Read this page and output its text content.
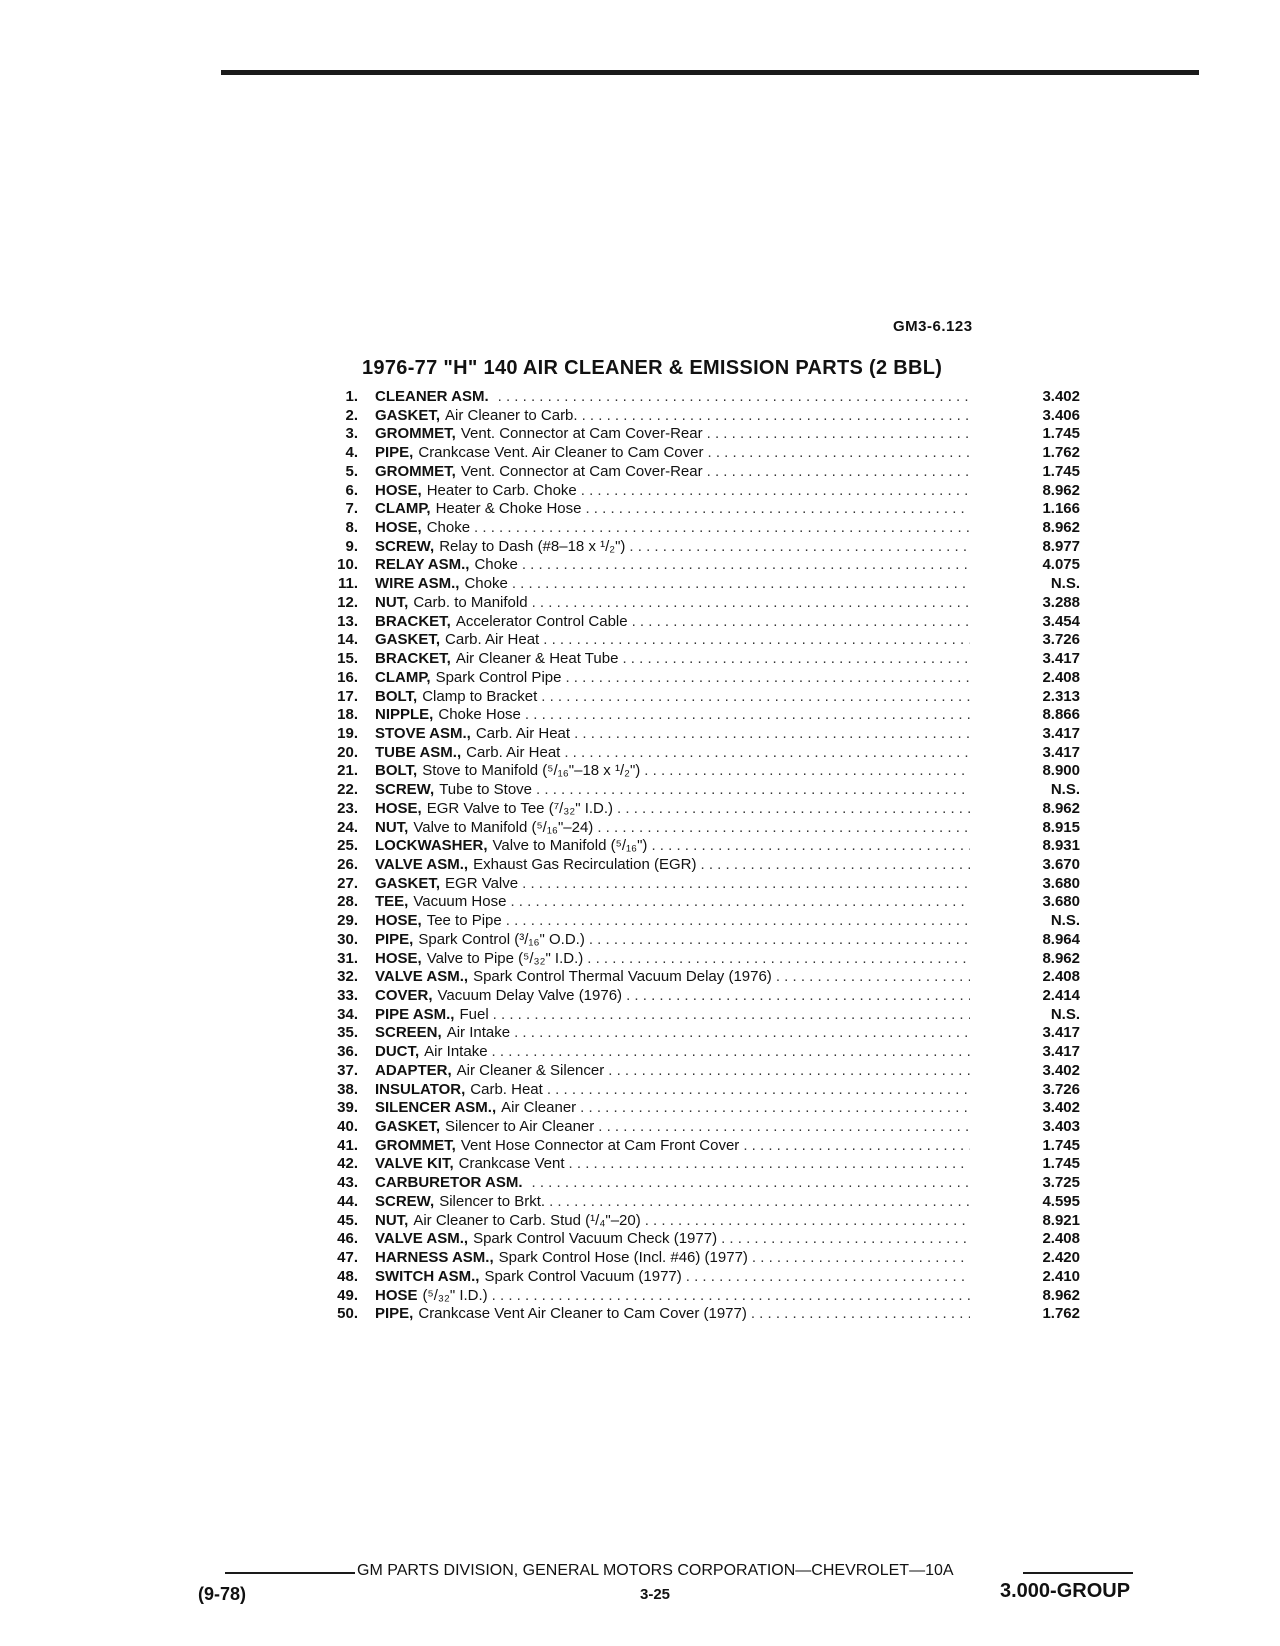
GM3-6.123
1976-77 "H" 140 AIR CLEANER & EMISSION PARTS (2 BBL)
1. CLEANER ASM. . . .	3.402
2. GASKET, Air Cleaner to Carb. . . .	3.406
3. GROMMET, Vent. Connector at Cam Cover-Rear . . .	1.745
4. PIPE, Crankcase Vent. Air Cleaner to Cam Cover . . .	1.762
5. GROMMET, Vent. Connector at Cam Cover-Rear . . .	1.745
6. HOSE, Heater to Carb. Choke . . .	8.962
7. CLAMP, Heater & Choke Hose . . .	1.166
8. HOSE, Choke . . .	8.962
9. SCREW, Relay to Dash (#8–18 x ¹/₂") . . .	8.977
10. RELAY ASM., Choke . . .	4.075
11. WIRE ASM., Choke . . .	N.S.
12. NUT, Carb. to Manifold . . .	3.288
13. BRACKET, Accelerator Control Cable . . .	3.454
14. GASKET, Carb. Air Heat . . .	3.726
15. BRACKET, Air Cleaner & Heat Tube . . .	3.417
16. CLAMP, Spark Control Pipe . . .	2.408
17. BOLT, Clamp to Bracket . . .	2.313
18. NIPPLE, Choke Hose . . .	8.866
19. STOVE ASM., Carb. Air Heat . . .	3.417
20. TUBE ASM., Carb. Air Heat . . .	3.417
21. BOLT, Stove to Manifold (⁵/₁₆"–18 x ¹/₂") . . .	8.900
22. SCREW, Tube to Stove . . .	N.S.
23. HOSE, EGR Valve to Tee (⁷/₃₂" I.D.) . . .	8.962
24. NUT, Valve to Manifold (⁵/₁₆"–24) . . .	8.915
25. LOCKWASHER, Valve to Manifold (⁵/₁₆") . . .	8.931
26. VALVE ASM., Exhaust Gas Recirculation (EGR) . . .	3.670
27. GASKET, EGR Valve . . .	3.680
28. TEE, Vacuum Hose . . .	3.680
29. HOSE, Tee to Pipe . . .	N.S.
30. PIPE, Spark Control (³/₁₆" O.D.) . . .	8.964
31. HOSE, Valve to Pipe (⁵/₃₂" I.D.) . . .	8.962
32. VALVE ASM., Spark Control Thermal Vacuum Delay (1976) . . .	2.408
33. COVER, Vacuum Delay Valve (1976) . . .	2.414
34. PIPE ASM., Fuel . . .	N.S.
35. SCREEN, Air Intake . . .	3.417
36. DUCT, Air Intake . . .	3.417
37. ADAPTER, Air Cleaner & Silencer . . .	3.402
38. INSULATOR, Carb. Heat . . .	3.726
39. SILENCER ASM., Air Cleaner . . .	3.402
40. GASKET, Silencer to Air Cleaner . . .	3.403
41. GROMMET, Vent Hose Connector at Cam Front Cover . . .	1.745
42. VALVE KIT, Crankcase Vent . . .	1.745
43. CARBURETOR ASM. . . .	3.725
44. SCREW, Silencer to Brkt. . . .	4.595
45. NUT, Air Cleaner to Carb. Stud (¹/₄"–20) . . .	8.921
46. VALVE ASM., Spark Control Vacuum Check (1977) . . .	2.408
47. HARNESS ASM., Spark Control Hose (Incl. #46) (1977) . . .	2.420
48. SWITCH ASM., Spark Control Vacuum (1977) . . .	2.410
49. HOSE (⁵/₃₂" I.D.) . . .	8.962
50. PIPE, Crankcase Vent Air Cleaner to Cam Cover (1977) . . .	1.762
GM PARTS DIVISION, GENERAL MOTORS CORPORATION—CHEVROLET—10A
(9-78)	3-25	3.000-GROUP
